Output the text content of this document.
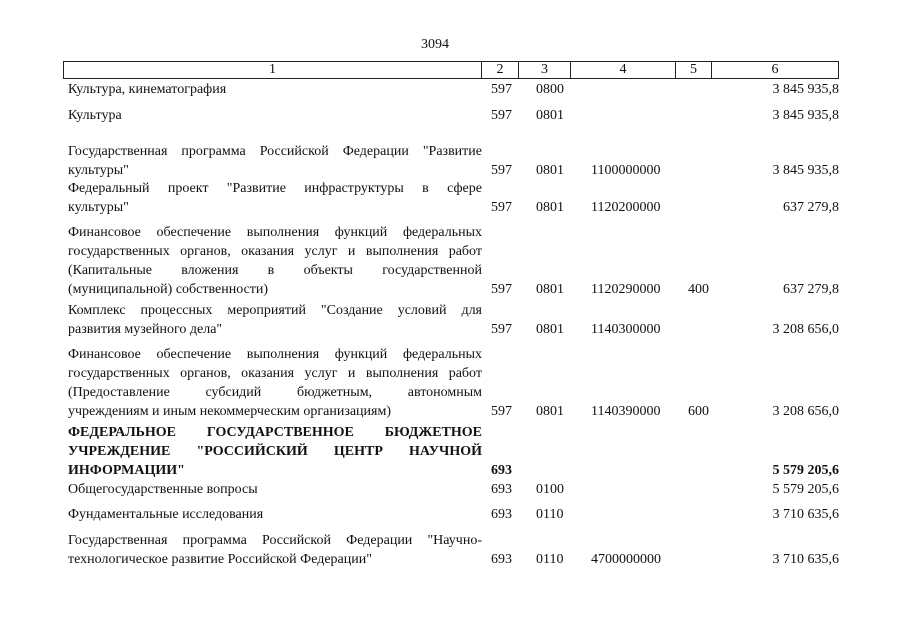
3094
1	2	3	4	5	6
Культура, кинематография	597 0800	3 845 935,8
Культура	597 0801	3 845 935,8
Государственная программа Российской Федерации "Развитие
культуры"	597 0801 1100000000	3 845 935,8
Федеральный проект "Развитие инфраструктуры в сфере
культуры"	597 0801 1120200000	637 279,8
Финансовое обеспечение выполнения функций федеральных
государственных органов, оказания услуг и выполнения работ
(Капитальные вложения в объекты государственной
(муниципальной) собственности)	597 0801 1120290000 400	637 279,8
Комплекс процессных мероприятий "Создание условий для
развития музейного дела"	597 0801 1140300000	3 208 656,0
Финансовое обеспечение выполнения функций федеральных
государственных органов, оказания услуг и выполнения работ
(Предоставление субсидий бюджетным, автономным
учреждениям и иным некоммерческим организациям)	597 0801 1140390000 600	3 208 656,0
ФЕДЕРАЛЬНОЕ ГОСУДАРСТВЕННОЕ БЮДЖЕТНОЕ
УЧРЕЖДЕНИЕ "РОССИЙСКИЙ ЦЕНТР НАУЧНОЙ
ИНФОРМАЦИИ"	693	5 579 205,6
Общегосударственные вопросы	693 0100	5 579 205,6
Фундаментальные исследования	693 0110	3 710 635,6
Государственная программа Российской Федерации "Научно-
технологическое развитие Российской Федерации"	693 0110 4700000000	3 710 635,6
